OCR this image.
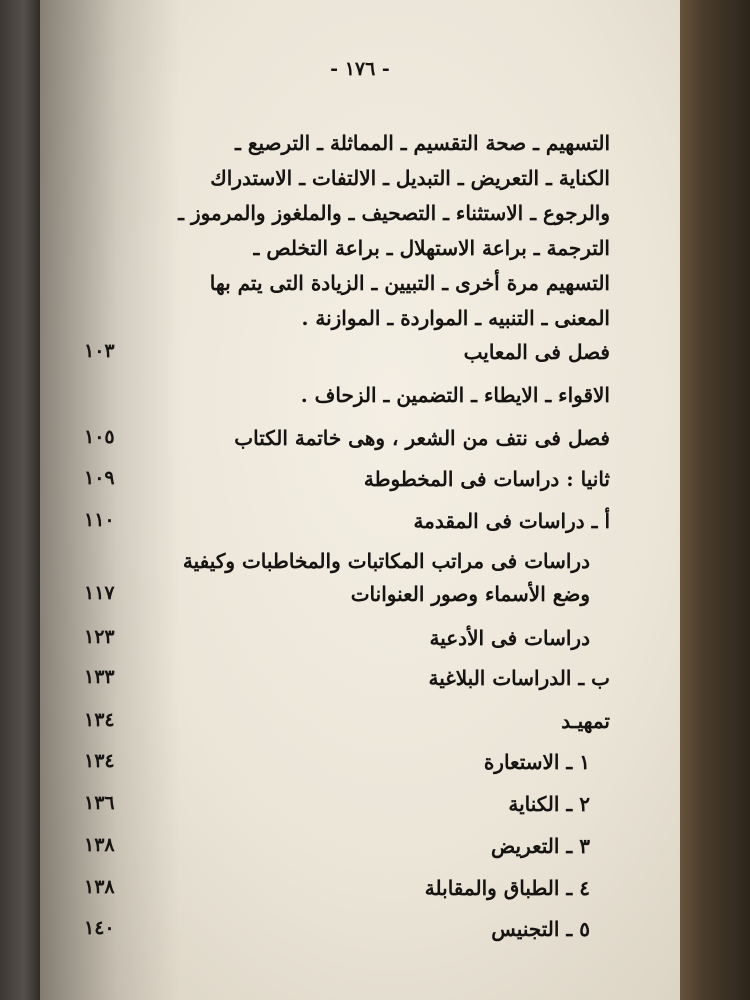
- ١٧٦ -
التسهيم ـ صحة التقسيم ـ المماثلة ـ الترصيع ـ
الكناية ـ التعريض ـ التبديل ـ الالتفات ـ الاستدراك
والرجوع ـ الاستثناء ـ التصحيف ـ والملغوز والمرموز ـ
الترجمة ـ براعة الاستهلال ـ براعة التخلص ـ
التسهيم مرة أخرى ـ التبيين ـ الزيادة التى يتم بها
المعنى ـ التنبيه ـ المواردة ـ الموازنة .
فصل فى المعايب
١٠٣
الاقواء ـ الايطاء ـ التضمين ـ الزحاف .
فصل فى نتف من الشعر ، وهى خاتمة الكتاب
١٠٥
ثانيا : دراسات فى المخطوطة
١٠٩
أ ـ دراسات فى المقدمة
١١٠
دراسات فى مراتب المكاتبات والمخاطبات وكيفية
وضع الأسماء وصور العنوانات
١١٧
دراسات فى الأدعية
١٢٣
ب ـ الدراسات البلاغية
١٣٣
تمهيـد
١٣٤
١ ـ الاستعارة
١٣٤
٢ ـ الكناية
١٣٦
٣ ـ التعريض
١٣٨
٤ ـ الطباق والمقابلة
١٣٨
٥ ـ التجنيس
١٤٠
